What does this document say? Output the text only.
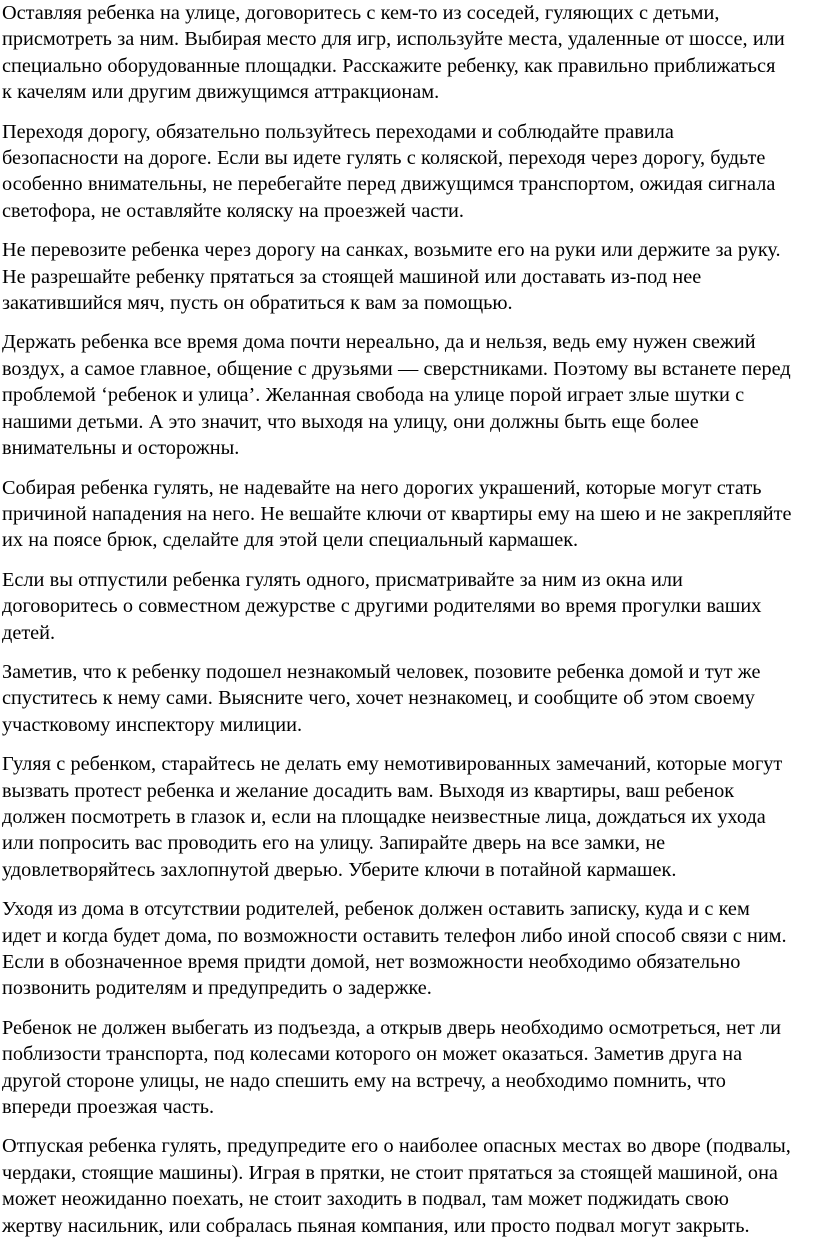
Оставляя ребенка на улице, договоритесь с кем-то из соседей, гуляющих с детьми,
присмотреть за ним. Выбирая место для игр, используйте места, удаленные от шоссе, или
специально оборудованные площадки. Расскажите ребенку, как правильно приближаться
к качелям или другим движущимся аттракционам.

Переходя дорогу, обязательно пользуйтесь переходами и соблюдайте правила
безопасности на дороге. Если вы идете гулять с коляской, переходя через дорогу, будьте
особенно внимательны, не перебегайте перед движущимся транспортом, ожидая сигнала
светофора, не оставляйте коляску на проезжей части.

Не перевозите ребенка через дорогу на санках, возьмите его на руки или держите за руку.
Не разрешайте ребенку прятаться за стоящей машиной или доставать из-под нее
закатившийся мяч, пусть он обратиться к вам за помощью.

Держать ребенка все время дома почти нереально, да и нельзя, ведь ему нужен свежий
воздух, а самое главное, общение с друзьями — сверстниками. Поэтому вы встанете перед
проблемой ‘ребенок и улица’. Желанная свобода на улице порой играет злые шутки с
нашими детьми. А это значит, что выходя на улицу, они должны быть еще более
внимательны и осторожны.

Собирая ребенка гулять, не надевайте на него дорогих украшений, которые могут стать
причиной нападения на него. Не вешайте ключи от квартиры ему на шею и не закрепляйте
их на поясе брюк, сделайте для этой цели специальный кармашек.

Если вы отпустили ребенка гулять одного, присматривайте за ним из окна или
договоритесь о совместном дежурстве с другими родителями во время прогулки ваших
детей.

Заметив, что к ребенку подошел незнакомый человек, позовите ребенка домой и тут же
спуститесь к нему сами. Выясните чего, хочет незнакомец, и сообщите об этом своему
участковому инспектору милиции.

Гуляя с ребенком, старайтесь не делать ему немотивированных замечаний, которые могут
вызвать протест ребенка и желание досадить вам. Выходя из квартиры, ваш ребенок
должен посмотреть в глазок и, если на площадке неизвестные лица, дождаться их ухода
или попросить вас проводить его на улицу. Запирайте дверь на все замки, не
удовлетворяйтесь захлопнутой дверью. Уберите ключи в потайной кармашек.

Уходя из дома в отсутствии родителей, ребенок должен оставить записку, куда и с кем
идет и когда будет дома, по возможности оставить телефон либо иной способ связи с ним.
Если в обозначенное время придти домой, нет возможности необходимо обязательно
позвонить родителям и предупредить о задержке.

Ребенок не должен выбегать из подъезда, а открыв дверь необходимо осмотреться, нет ли
поблизости транспорта, под колесами которого он может оказаться. Заметив друга на
другой стороне улицы, не надо спешить ему на встречу, а необходимо помнить, что
впереди проезжая часть.

Отпуская ребенка гулять, предупредите его о наиболее опасных местах во дворе (подвалы,
чердаки, стоящие машины). Играя в прятки, не стоит прятаться за стоящей машиной, она
может неожиданно поехать, не стоит заходить в подвал, там может поджидать свою
жертву насильник, или собралась пьяная компания, или просто подвал могут закрыть.
